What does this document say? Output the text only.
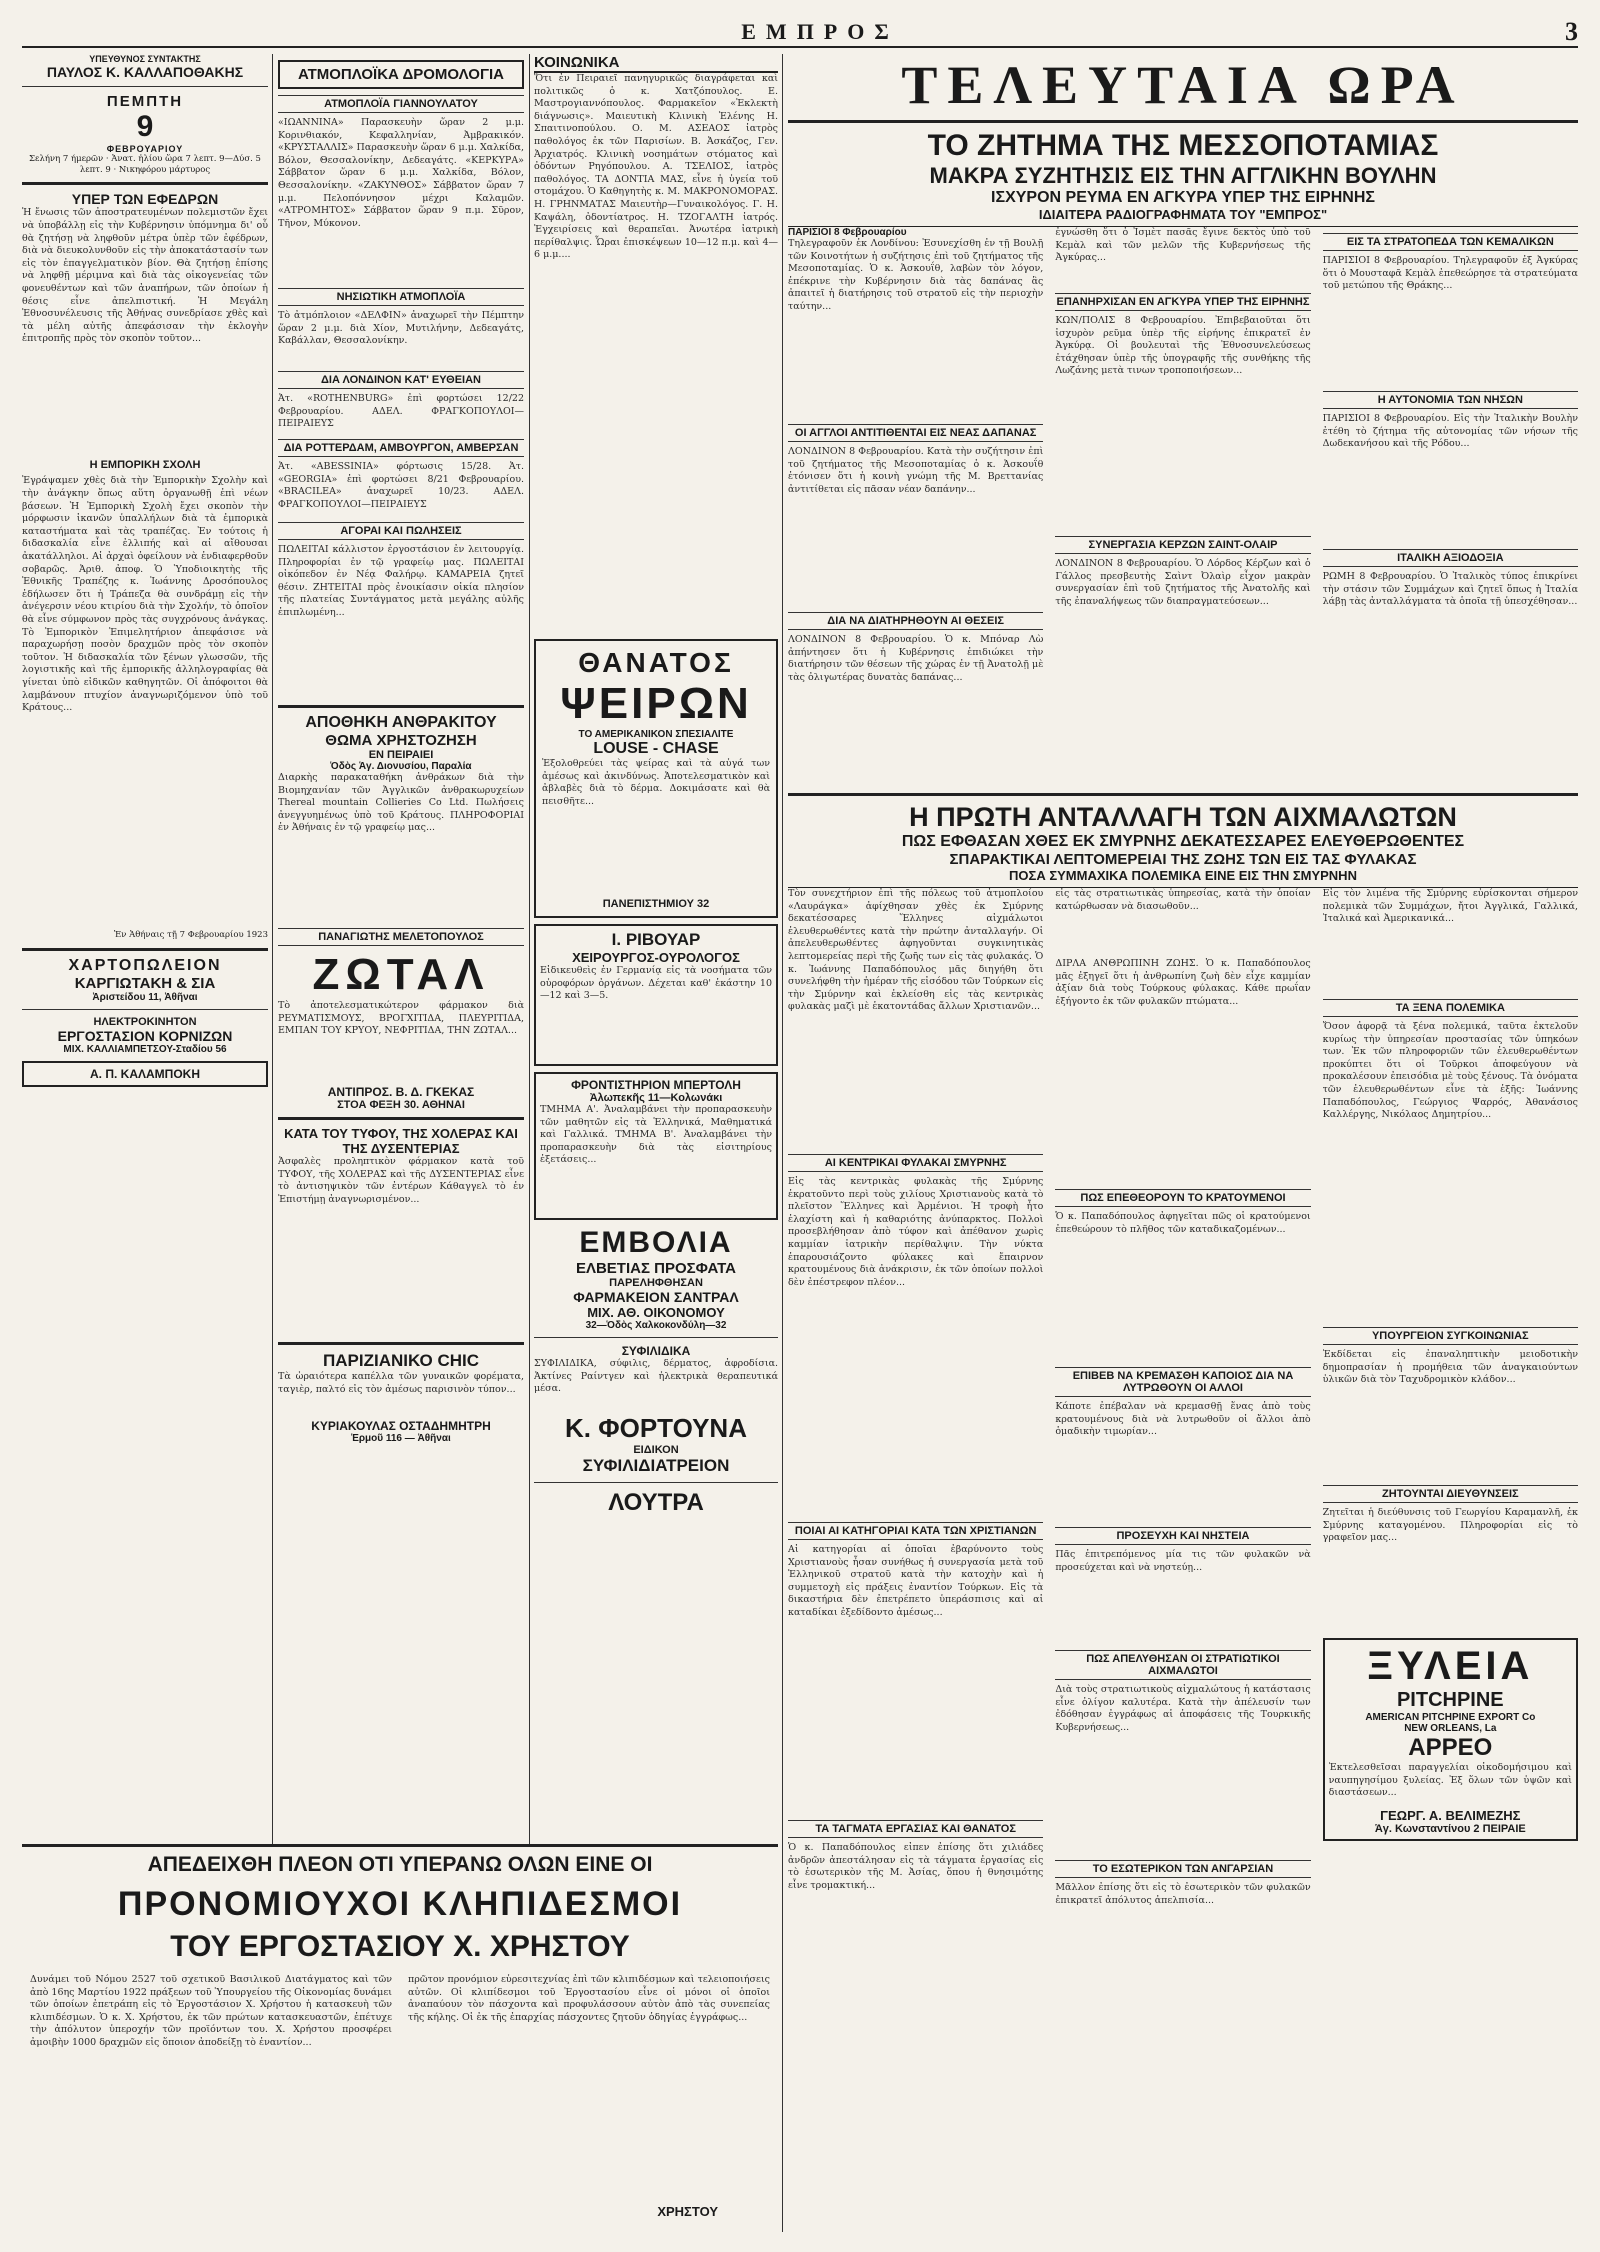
ΕΜΠΡΟΣ	3
ΥΠΕΥΘΥΝΟΣ ΣΥΝΤΑΚΤΗΣ
ΠΑΥΛΟΣ Κ. ΚΑΛΛΑΠΟΘΑΚΗΣ
ΠΕΜΠΤΗ
9
ΦΕΒΡΟΥΑΡΙΟΥ
Σελήνη 7 ήμερῶν · Ἀνατ. ἡλίου ὥρα 7 λεπτ. 9—Δύσ. 5 λεπτ. 9 · Νικηφόρου μάρτυρος
ΥΠΕΡ ΤΩΝ ΕΦΕΔΡΩΝ
Ἡ ἔνωσις τῶν ἀποστρατευμένων πολεμιστῶν ἔχει νὰ ὑποβάλλῃ εἰς τὴν Κυβέρνησιν ὑπόμνημα δι' οὗ θὰ ζητήσῃ νὰ ληφθοῦν μέτρα ὑπὲρ τῶν ἐφέδρων, διὰ νὰ διευκολυνθοῦν εἰς τὴν ἀποκατάστασίν των εἰς τὸν ἐπαγγελματικὸν βίον. Θὰ ζητήσῃ ἐπίσης νὰ ληφθῇ μέριμνα καὶ διὰ τὰς οἰκογενείας τῶν φονευθέντων καὶ τῶν ἀναπήρων, τῶν ὁποίων ἡ θέσις εἶνε ἀπελπιστική. Ἡ Μεγάλη Ἐθνοσυνέλευσις τῆς Ἀθήνας συνεδρίασε χθὲς καὶ τὰ μέλη αὐτῆς ἀπεφάσισαν τὴν ἐκλογὴν ἐπιτροπῆς πρὸς τὸν σκοπὸν τοῦτον...
Η ΕΜΠΟΡΙΚΗ ΣΧΟΛΗ
Ἐγράψαμεν χθὲς διὰ τὴν Ἐμπορικὴν Σχολὴν καὶ τὴν ἀνάγκην ὅπως αὕτη ὀργανωθῇ ἐπὶ νέων βάσεων. Ἡ Ἐμπορικὴ Σχολὴ ἔχει σκοπὸν τὴν μόρφωσιν ἱκανῶν ὑπαλλήλων διὰ τὰ ἐμπορικὰ καταστήματα καὶ τὰς τραπέζας. Ἐν τούτοις ἡ διδασκαλία εἶνε ἐλλιπής καὶ αἱ αἴθουσαι ἀκατάλληλοι. Αἱ ἀρχαὶ ὀφείλουν νὰ ἐνδιαφερθοῦν σοβαρῶς. Ἀριθ. ἀποφ. Ὁ Ὑποδιοικητὴς τῆς Ἐθνικῆς Τραπέζης κ. Ἰωάννης Δροσόπουλος ἐδήλωσεν ὅτι ἡ Τράπεζα θὰ συνδράμῃ εἰς τὴν ἀνέγερσιν νέου κτιρίου διὰ τὴν Σχολήν, τὸ ὁποῖον θὰ εἶνε σύμφωνον πρὸς τὰς συγχρόνους ἀνάγκας. Τὸ Ἐμπορικὸν Ἐπιμελητήριον ἀπεφάσισε νὰ παραχωρήσῃ ποσὸν δραχμῶν πρὸς τὸν σκοπὸν τοῦτον. Ἡ διδασκαλία τῶν ξένων γλωσσῶν, τῆς λογιστικῆς καὶ τῆς ἐμπορικῆς ἀλληλογραφίας θὰ γίνεται ὑπὸ εἰδικῶν καθηγητῶν. Οἱ ἀπόφοιτοι θὰ λαμβάνουν πτυχίον ἀναγνωριζόμενον ὑπὸ τοῦ Κράτους...
Ἐν Ἀθήναις τῇ 7 Φεβρουαρίου 1923
ΧΑΡΤΟΠΩΛΕΙΟΝ
ΚΑΡΓΙΩΤΑΚΗ & ΣΙΑ
Ἀριστείδου 11, Ἀθῆναι
ΗΛΕΚΤΡΟΚΙΝΗΤΟΝ
ΕΡΓΟΣΤΑΣΙΟΝ ΚΟΡΝΙΖΩΝ
ΜΙΧ. ΚΑΛΛΙΑΜΠΕΤΣΟΥ-Σταδίου 56
Α. Π. ΚΑΛΑΜΠΟΚΗ
ΑΤΜΟΠΛΟΪΚΑ ΔΡΟΜΟΛΟΓΙΑ
ΑΤΜΟΠΛΟΪΑ ΓΙΑΝΝΟΥΛΑΤΟΥ
«ΙΩΑΝΝΙΝΑ» Παρασκευὴν ὥραν 2 μ.μ. Κορινθιακόν, Κεφαλληνίαν, Ἀμβρακικόν. «ΚΡΥΣΤΑΛΛΙΣ» Παρασκευὴν ὥραν 6 μ.μ. Χαλκίδα, Βόλον, Θεσσαλονίκην, Δεδεαγάτς. «ΚΕΡΚΥΡΑ» Σάββατον ὥραν 6 μ.μ. Χαλκίδα, Βόλον, Θεσσαλονίκην. «ΖΑΚΥΝΘΟΣ» Σάββατον ὥραν 7 μ.μ. Πελοπόννησον μέχρι Καλαμῶν. «ΑΤΡΟΜΗΤΟΣ» Σάββατον ὥραν 9 π.μ. Σῦρον, Τῆνον, Μύκονον.
ΝΗΣΙΩΤΙΚΗ ΑΤΜΟΠΛΟΪΑ
Τὸ ἀτμόπλοιον «ΔΕΛΦΙΝ» ἀναχωρεῖ τὴν Πέμπτην ὥραν 2 μ.μ. διὰ Χίον, Μυτιλήνην, Δεδεαγάτς, Καβάλλαν, Θεσσαλονίκην.
ΔΙΑ ΛΟΝΔΙΝΟΝ ΚΑΤ' ΕΥΘΕΙΑΝ
Ἀτ. «ROTHENBURG» ἐπὶ φορτώσει 12/22 Φεβρουαρίου. ΑΔΕΛ. ΦΡΑΓΚΟΠΟΥΛΟΙ—ΠΕΙΡΑΙΕΥΣ
ΔΙΑ ΡΟΤΤΕΡΔΑΜ, ΑΜΒΟΥΡΓΟΝ, ΑΜΒΕΡΣΑΝ
Ἀτ. «ABESSINIA» φόρτωσις 15/28. Ἀτ. «GEORGIA» ἐπὶ φορτώσει 8/21 Φεβρουαρίου. «BRACILEA» ἀναχωρεῖ 10/23. ΑΔΕΛ. ΦΡΑΓΚΟΠΟΥΛΟΙ—ΠΕΙΡΑΙΕΥΣ
ΑΓΟΡΑΙ ΚΑΙ ΠΩΛΗΣΕΙΣ
ΠΩΛΕΙΤΑΙ κάλλιστον ἐργοστάσιον ἐν λειτουργίᾳ. Πληροφορίαι ἐν τῷ γραφείῳ μας. ΠΩΛΕΙΤΑΙ οἰκόπεδον ἐν Νέᾳ Φαλήρῳ. ΚΑΜΑΡΕΙΑ ζητεῖ θέσιν. ΖΗΤΕΙΤΑΙ πρὸς ἐνοικίασιν οἰκία πλησίον τῆς πλατείας Συντάγματος μετὰ μεγάλης αὐλῆς ἐπιπλωμένη...
ΑΠΟΘΗΚΗ ΑΝΘΡΑΚΙΤΟΥ
ΘΩΜΑ ΧΡΗΣΤΟΖΗΣΗ
ΕΝ ΠΕΙΡΑΙΕΙ
Ὁδὸς Ἁγ. Διονυσίου, Παραλία
Διαρκὴς παρακαταθήκη ἀνθράκων διὰ τὴν Βιομηχανίαν τῶν Ἀγγλικῶν ἀνθρακωρυχείων Thereal mountain Collieries Co Ltd. Πωλήσεις ἀνεγγυημένως ὑπὸ τοῦ Κράτους. ΠΛΗΡΟΦΟΡΙΑΙ ἐν Ἀθήναις ἐν τῷ γραφείῳ μας...
ΠΑΝΑΓΙΩΤΗΣ ΜΕΛΕΤΟΠΟΥΛΟΣ
ΖΩΤΑΛ
Τὸ ἀποτελεσματικώτερον φάρμακον διὰ ΡΕΥΜΑΤΙΣΜΟΥΣ, ΒΡΟΓΧΙΤΙΔΑ, ΠΛΕΥΡΙΤΙΔΑ, ΕΜΠΑΝ ΤΟΥ ΚΡΥΟΥ, ΝΕΦΡΙΤΙΔΑ, ΤΗΝ ΖΩΤΑΛ...
ΑΝΤΙΠΡΟΣ. Β. Δ. ΓΚΕΚΑΣ
ΣΤΟΑ ΦΕΞΗ 30. ΑΘΗΝΑΙ
ΚΑΤΑ ΤΟΥ ΤΥΦΟΥ, ΤΗΣ ΧΟΛΕΡΑΣ ΚΑΙ ΤΗΣ ΔΥΣΕΝΤΕΡΙΑΣ
Ἀσφαλὲς προληπτικὸν φάρμακον κατὰ τοῦ ΤΥΦΟΥ, τῆς ΧΟΛΕΡΑΣ καὶ τῆς ΔΥΣΕΝΤΕΡΙΑΣ εἶνε τὸ ἀντισηψικὸν τῶν ἐντέρων Κάθαγγελ τὸ ἐν Ἐπιστήμῃ ἀναγνωρισμένον...
ΠΑΡΙΖΙΑΝΙΚΟ CHIC
Τὰ ὡραιότερα καπέλλα τῶν γυναικῶν φορέματα, ταγιὲρ, παλτό εἰς τὸν ἀμέσως παρισινὸν τύπον...
ΚΥΡΙΑΚΟΥΛΑΣ ΟΣΤΑΔΗΜΗΤΡΗ
Ἑρμοῦ 116 — Ἀθῆναι
ΚΟΙΝΩΝΙΚΑ
Ὅτι ἐν Πειραιεῖ πανηγυρικῶς διαγράφεται καὶ πολιτικῶς ὁ κ. Χατζόπουλος. Ε. Μαστρογιαννόπουλος. Φαρμακεῖον «Ἐκλεκτὴ διάγνωσις». Μαιευτικὴ Κλινικὴ Ἑλένης Η. Σπαιτινοπούλου. Ο. Μ. ΑΣΕΑΟΣ ἰατρὸς παθολόγος ἐκ τῶν Παρισίων. Β. Ἀσκάζος, Γεν. Ἀρχιατρός. Κλινικὴ νοσημάτων στόματος καὶ ὀδόντων Ρηγόπουλου. Α. ΤΣΕΛΙΟΣ, ἰατρὸς παθολόγος. ΤΑ ΔΟΝΤΙΑ ΜΑΣ, εἶνε ἡ ὑγεία τοῦ στομάχου. Ὁ Καθηγητὴς κ. Μ. ΜΑΚΡΟΝΟΜΟΡΑΣ. Η. ΓΡΗΝΜΑΤΑΣ Μαιευτὴρ—Γυναικολόγος. Γ. Η. Καψάλη, ὀδοντίατρος. Η. ΤΖΟΓΑΛΤΗ ἰατρός. Ἐγχειρίσεις καὶ θεραπεῖαι. Ἀνωτέρα ἰατρικὴ περίθαλψις. Ὧραι ἐπισκέψεων 10—12 π.μ. καὶ 4—6 μ.μ....
ΘΑΝΑΤΟΣ
ΨΕΙΡΩΝ
ΤΟ ΑΜΕΡΙΚΑΝΙΚΟΝ ΣΠΕΣΙΑΛΙΤΕ
LOUSE - CHASE
Ἐξολοθρεύει τὰς ψείρας καὶ τὰ αὐγά των ἀμέσως καὶ ἀκινδύνως. Ἀποτελεσματικὸν καὶ ἀβλαβὲς διὰ τὸ δέρμα. Δοκιμάσατε καὶ θὰ πεισθῆτε...
ΠΑΝΕΠΙΣΤΗΜΙΟΥ 32
Ι. ΡΙΒΟΥΑΡ
ΧΕΙΡΟΥΡΓΟΣ-ΟΥΡΟΛΟΓΟΣ
Εἰδικευθεὶς ἐν Γερμανίᾳ εἰς τὰ νοσήματα τῶν οὐροφόρων ὀργάνων. Δέχεται καθ' ἑκάστην 10—12 καὶ 3—5.
ΦΡΟΝΤΙΣΤΗΡΙΟΝ ΜΠΕΡΤΟΛΗ
Ἀλωπεκῆς 11—Κολωνάκι
ΤΜΗΜΑ Α'. Ἀναλαμβάνει τὴν προπαρασκευὴν τῶν μαθητῶν εἰς τὰ Ἑλληνικά, Μαθηματικά καὶ Γαλλικά. ΤΜΗΜΑ Β'. Ἀναλαμβάνει τὴν προπαρασκευὴν διὰ τὰς εἰσιτηρίους ἐξετάσεις...
ΕΜΒΟΛΙΑ
ΕΛΒΕΤΙΑΣ ΠΡΟΣΦΑΤΑ
ΠΑΡΕΛΗΦΘΗΣΑΝ
ΦΑΡΜΑΚΕΙΟΝ ΣΑΝΤΡΑΛ
ΜΙΧ. ΑΘ. ΟΙΚΟΝΟΜΟΥ
32—Ὁδὸς Χαλκοκονδύλη—32
ΣΥΦΙΛΙΔΙΚΑ
ΣΥΦΙΛΙΔΙΚΑ, σύφιλις, δέρματος, ἀφροδίσια. Ἀκτίνες Ραίντγεν καὶ ἠλεκτρικὰ θεραπευτικά μέσα.
Κ. ΦΟΡΤΟΥΝΑ
ΕΙΔΙΚΟΝ
ΣΥΦΙΛΙΔΙΑΤΡΕΙΟΝ
ΛΟΥΤΡΑ
ΤΕΛΕΥΤΑΙΑ ΩΡΑ
ΤΟ ΖΗΤΗΜΑ ΤΗΣ ΜΕΣΣΟΠΟΤΑΜΙΑΣ
ΜΑΚΡΑ ΣΥΖΗΤΗΣΙΣ ΕΙΣ ΤΗΝ ΑΓΓΛΙΚΗΝ ΒΟΥΛΗΝ
ΙΣΧΥΡΟΝ ΡΕΥΜΑ ΕΝ ΑΓΚΥΡΑ ΥΠΕΡ ΤΗΣ ΕΙΡΗΝΗΣ
ΙΔΙΑΙΤΕΡΑ ΡΑΔΙΟΓΡΑΦΗΜΑΤΑ ΤΟΥ "ΕΜΠΡΟΣ"
ΠΑΡΙΣΙΟΙ 8 Φεβρουαρίου
Τηλεγραφοῦν ἐκ Λονδίνου: Ἐσυνεχίσθη ἐν τῇ Βουλῇ τῶν Κοινοτήτων ἡ συζήτησις ἐπὶ τοῦ ζητήματος τῆς Μεσοποταμίας. Ὁ κ. Ἀσκουΐθ, λαβὼν τὸν λόγον, ἐπέκρινε τὴν Κυβέρνησιν διὰ τὰς δαπάνας ἃς ἀπαιτεῖ ἡ διατήρησις τοῦ στρατοῦ εἰς τὴν περιοχὴν ταύτην...
ΟΙ ΑΓΓΛΟΙ ΑΝΤΙΤΙΘΕΝΤΑΙ ΕΙΣ ΝΕΑΣ ΔΑΠΑΝΑΣ
ΛΟΝΔΙΝΟΝ 8 Φεβρουαρίου. Κατὰ τὴν συζήτησιν ἐπὶ τοῦ ζητήματος τῆς Μεσοποταμίας ὁ κ. Ἀσκουΐθ ἐτόνισεν ὅτι ἡ κοινὴ γνώμη τῆς Μ. Βρεττανίας ἀντιτίθεται εἰς πᾶσαν νέαν δαπάνην...
ΔΙΑ ΝΑ ΔΙΑΤΗΡΗΘΟΥΝ ΑΙ ΘΕΣΕΙΣ
ΛΟΝΔΙΝΟΝ 8 Φεβρουαρίου. Ὁ κ. Μπόναρ Λὼ ἀπήντησεν ὅτι ἡ Κυβέρνησις ἐπιδιώκει τὴν διατήρησιν τῶν θέσεων τῆς χώρας ἐν τῇ Ἀνατολῇ μὲ τὰς ὀλιγωτέρας δυνατὰς δαπάνας...
ἐγνώσθη ὅτι ὁ Ἰσμὲτ πασᾶς ἔγινε δεκτὸς ὑπὸ τοῦ Κεμὰλ καὶ τῶν μελῶν τῆς Κυβερνήσεως τῆς Ἀγκύρας...
ΕΠΑΝΗΡΧΙΣΑΝ ΕΝ ΑΓΚΥΡΑ ΥΠΕΡ ΤΗΣ ΕΙΡΗΝΗΣ
ΚΩΝ/ΠΟΛΙΣ 8 Φεβρουαρίου. Ἐπιβεβαιοῦται ὅτι ἰσχυρὸν ρεῦμα ὑπὲρ τῆς εἰρήνης ἐπικρατεῖ ἐν Ἀγκύρᾳ. Οἱ βουλευταὶ τῆς Ἐθνοσυνελεύσεως ἐτάχθησαν ὑπὲρ τῆς ὑπογραφῆς τῆς συνθήκης τῆς Λωζάνης μετὰ τινων τροποποιήσεων...
ΣΥΝΕΡΓΑΣΙΑ ΚΕΡΖΩΝ ΣΑΙΝΤ-ΟΛΑΙΡ
ΛΟΝΔΙΝΟΝ 8 Φεβρουαρίου. Ὁ Λόρδος Κέρζων καὶ ὁ Γάλλος πρεσβευτὴς Σαὶντ Ὀλαὶρ εἶχον μακρὰν συνεργασίαν ἐπὶ τοῦ ζητήματος τῆς Ἀνατολῆς καὶ τῆς ἐπαναλήψεως τῶν διαπραγματεύσεων...
ΕΙΣ ΤΑ ΣΤΡΑΤΟΠΕΔΑ ΤΩΝ ΚΕΜΑΛΙΚΩΝ
ΠΑΡΙΣΙΟΙ 8 Φεβρουαρίου. Τηλεγραφοῦν ἐξ Ἀγκύρας ὅτι ὁ Μουσταφᾶ Κεμὰλ ἐπεθεώρησε τὰ στρατεύματα τοῦ μετώπου τῆς Θράκης...
Η ΑΥΤΟΝΟΜΙΑ ΤΩΝ ΝΗΣΩΝ
ΠΑΡΙΣΙΟΙ 8 Φεβρουαρίου. Εἰς τὴν Ἰταλικὴν Βουλὴν ἐτέθη τὸ ζήτημα τῆς αὐτονομίας τῶν νήσων τῆς Δωδεκανήσου καὶ τῆς Ρόδου...
ΙΤΑΛΙΚΗ ΑΞΙΟΔΟΞΙΑ
ΡΩΜΗ 8 Φεβρουαρίου. Ὁ Ἰταλικὸς τύπος ἐπικρίνει τὴν στάσιν τῶν Συμμάχων καὶ ζητεῖ ὅπως ἡ Ἰταλία λάβῃ τὰς ἀνταλλάγματα τὰ ὁποῖα τῇ ὑπεσχέθησαν...
Η ΠΡΩΤΗ ΑΝΤΑΛΛΑΓΗ ΤΩΝ ΑΙΧΜΑΛΩΤΩΝ
ΠΩΣ ΕΦΘΑΣΑΝ ΧΘΕΣ ΕΚ ΣΜΥΡΝΗΣ ΔΕΚΑΤΕΣΣΑΡΕΣ ΕΛΕΥΘΕΡΩΘΕΝΤΕΣ
ΣΠΑΡΑΚΤΙΚΑΙ ΛΕΠΤΟΜΕΡΕΙΑΙ ΤΗΣ ΖΩΗΣ ΤΩΝ ΕΙΣ ΤΑΣ ΦΥΛΑΚΑΣ
ΠΟΣΑ ΣΥΜΜΑΧΙΚΑ ΠΟΛΕΜΙΚΑ ΕΙΝΕ ΕΙΣ ΤΗΝ ΣΜΥΡΝΗΝ
Τὸν συνεχτήριον ἐπὶ τῆς πόλεως τοῦ ἀτμοπλοίου «Λαυράγκα» ἀφίχθησαν χθὲς ἐκ Σμύρνης δεκατέσσαρες Ἕλληνες αἰχμάλωτοι ἐλευθερωθέντες κατὰ τὴν πρώτην ἀνταλλαγήν. Οἱ ἀπελευθερωθέντες ἀφηγοῦνται συγκινητικὰς λεπτομερείας περὶ τῆς ζωῆς των εἰς τὰς φυλακάς. Ὁ κ. Ἰωάννης Παπαδόπουλος μᾶς διηγήθη ὅτι συνελήφθη τὴν ἡμέραν τῆς εἰσόδου τῶν Τούρκων εἰς τὴν Σμύρνην καὶ ἐκλείσθη εἰς τὰς κεντρικὰς φυλακὰς μαζὶ μὲ ἑκατοντάδας ἄλλων Χριστιανῶν...
ΑΙ ΚΕΝΤΡΙΚΑΙ ΦΥΛΑΚΑΙ ΣΜΥΡΝΗΣ
Εἰς τὰς κεντρικὰς φυλακὰς τῆς Σμύρνης ἐκρατοῦντο περὶ τοὺς χιλίους Χριστιανοὺς κατὰ τὸ πλεῖστον Ἕλληνες καὶ Ἀρμένιοι. Ἡ τροφὴ ἦτο ἐλαχίστη καὶ ἡ καθαριότης ἀνύπαρκτος. Πολλοὶ προσεβλήθησαν ἀπὸ τύφον καὶ ἀπέθανον χωρὶς καμμίαν ἰατρικὴν περίθαλψιν. Τὴν νύκτα ἐπαρουσιάζοντο φύλακες καὶ ἔπαιρνον κρατουμένους διὰ ἀνάκρισιν, ἐκ τῶν ὁποίων πολλοὶ δὲν ἐπέστρεφον πλέον...
ΠΟΙΑΙ ΑΙ ΚΑΤΗΓΟΡΙΑΙ ΚΑΤΑ ΤΩΝ ΧΡΙΣΤΙΑΝΩΝ
Αἱ κατηγορίαι αἱ ὁποῖαι ἐβαρύνοντο τοὺς Χριστιανοὺς ἦσαν συνήθως ἡ συνεργασία μετὰ τοῦ Ἑλληνικοῦ στρατοῦ κατὰ τὴν κατοχὴν καὶ ἡ συμμετοχὴ εἰς πράξεις ἐναντίον Τούρκων. Εἰς τὰ δικαστήρια δὲν ἐπετρέπετο ὑπεράσπισις καὶ αἱ καταδίκαι ἐξεδίδοντο ἀμέσως...
ΤΑ ΤΑΓΜΑΤΑ ΕΡΓΑΣΙΑΣ ΚΑΙ ΘΑΝΑΤΟΣ
Ὁ κ. Παπαδόπουλος εἶπεν ἐπίσης ὅτι χιλιάδες ἀνδρῶν ἀπεστάλησαν εἰς τὰ τάγματα ἐργασίας εἰς τὸ ἐσωτερικὸν τῆς Μ. Ἀσίας, ὅπου ἡ θνησιμότης εἶνε τρομακτική...
εἰς τὰς στρατιωτικὰς ὑπηρεσίας, κατὰ τὴν ὁποίαν κατώρθωσαν νὰ διασωθοῦν...
ΔΙΡΛΑ ΑΝΘΡΩΠΙΝΗ ΖΩΗΣ. Ὁ κ. Παπαδόπουλος μᾶς ἐξηγεῖ ὅτι ἡ ἀνθρωπίνη ζωὴ δὲν εἶχε καμμίαν ἀξίαν διὰ τοὺς Τούρκους φύλακας. Κάθε πρωΐαν ἐξήγοντο ἐκ τῶν φυλακῶν πτώματα...
ΠΩΣ ΕΠΕΘΕΟΡΟΥΝ ΤΟ ΚΡΑΤΟΥΜΕΝΟΙ
Ὁ κ. Παπαδόπουλος ἀφηγεῖται πῶς οἱ κρατούμενοι ἐπεθεώρουν τὸ πλῆθος τῶν καταδικαζομένων...
ΕΠΙΒΕΒ ΝΑ ΚΡΕΜΑΣΘΗ ΚΑΠΟΙΟΣ ΔΙΑ ΝΑ ΛΥΤΡΩΘΟΥΝ ΟΙ ΑΛΛΟΙ
Κάποτε ἐπέβαλαν νὰ κρεμασθῇ ἕνας ἀπὸ τοὺς κρατουμένους διὰ νὰ λυτρωθοῦν οἱ ἄλλοι ἀπὸ ὁμαδικὴν τιμωρίαν...
ΠΡΟΣΕΥΧΗ ΚΑΙ ΝΗΣΤΕΙΑ
Πᾶς ἐπιτρεπόμενος μία τις τῶν φυλακῶν νὰ προσεύχεται καὶ νὰ νηστεύῃ...
ΠΩΣ ΑΠΕΛΥΘΗΣΑΝ ΟΙ ΣΤΡΑΤΙΩΤΙΚΟΙ ΑΙΧΜΑΛΩΤΟΙ
Διὰ τοὺς στρατιωτικοὺς αἰχμαλώτους ἡ κατάστασις εἶνε ὀλίγον καλυτέρα. Κατὰ τὴν ἀπέλευσίν των ἐδόθησαν ἐγγράφως αἱ ἀποφάσεις τῆς Τουρκικῆς Κυβερνήσεως...
ΤΟ ΕΣΩΤΕΡΙΚΟΝ ΤΩΝ ΑΝΓΑΡΣΙΑΝ
Μᾶλλον ἐπίσης ὅτι εἰς τὸ ἐσωτερικὸν τῶν φυλακῶν ἐπικρατεῖ ἀπόλυτος ἀπελπισία...
Εἰς τὸν λιμένα τῆς Σμύρνης εὑρίσκονται σήμερον πολεμικὰ τῶν Συμμάχων, ἤτοι Ἀγγλικά, Γαλλικά, Ἰταλικά καὶ Ἀμερικανικά...
ΤΑ ΞΕΝΑ ΠΟΛΕΜΙΚΑ
Ὅσον ἀφορᾷ τὰ ξένα πολεμικά, ταῦτα ἐκτελοῦν κυρίως τὴν ὑπηρεσίαν προστασίας τῶν ὑπηκόων των. Ἐκ τῶν πληροφοριῶν τῶν ἐλευθερωθέντων προκύπτει ὅτι οἱ Τοῦρκοι ἀποφεύγουν νὰ προκαλέσουν ἐπεισόδια μὲ τοὺς ξένους. Τὰ ὀνόματα τῶν ἐλευθερωθέντων εἶνε τὰ ἑξῆς: Ἰωάννης Παπαδόπουλος, Γεώργιος Ψαρρός, Ἀθανάσιος Καλλέργης, Νικόλαος Δημητρίου...
ΥΠΟΥΡΓΕΙΟΝ ΣΥΓΚΟΙΝΩΝΙΑΣ
Ἐκδίδεται εἰς ἐπαναληπτικὴν μειοδοτικὴν δημοπρασίαν ἡ προμήθεια τῶν ἀναγκαιούντων ὑλικῶν διὰ τὸν Ταχυδρομικὸν κλάδον...
ΖΗΤΟΥΝΤΑΙ ΔΙΕΥΘΥΝΣΕΙΣ
Ζητεῖται ἡ διεύθυνσις τοῦ Γεωργίου Καραμανλῆ, ἐκ Σμύρνης καταγομένου. Πληροφορίαι εἰς τὸ γραφεῖον μας...
ΞΥΛΕΙΑ
PITCHPINE
AMERICAN PITCHPINE EXPORT Co
NEW ORLEANS, La
ΑΡΡΕΟ
Ἐκτελεσθεῖσαι παραγγελίαι οἰκοδομήσιμου καὶ ναυπηγησίμου ξυλείας. Ἐξ ὅλων τῶν ὑψῶν καὶ διαστάσεων...
ΓΕΩΡΓ. Α. ΒΕΛΙΜΕΖΗΣ
Ἁγ. Κωνσταντίνου 2 ΠΕΙΡΑΙΕ
ΑΠΕΔΕΙΧΘΗ ΠΛΕΟΝ ΟΤΙ ΥΠΕΡΑΝΩ ΟΛΩΝ ΕΙΝΕ ΟΙ
ΠΡΟΝΟΜΙΟΥΧΟΙ ΚΛΗΠΙΔΕΣΜΟΙ
ΤΟΥ ΕΡΓΟΣΤΑΣΙΟΥ Χ. ΧΡΗΣΤΟΥ
Δυνάμει τοῦ Νόμου 2527 τοῦ σχετικοῦ Βασιλικοῦ Διατάγματος καὶ τῶν ἀπὸ 16ης Μαρτίου 1922 πράξεων τοῦ Ὑπουργείου τῆς Οἰκονομίας δυνάμει τῶν ὁποίων ἐπετράπη εἰς τὸ Ἐργοστάσιον Χ. Χρήστου ἡ κατασκευὴ τῶν κλιπιδέσμων. Ὁ κ. Χ. Χρήστου, ἐκ τῶν πρώτων κατασκευαστῶν, ἐπέτυχε τὴν ἀπόλυτον ὑπεροχήν τῶν προϊόντων του. Χ. Χρήστου προσφέρει ἀμοιβὴν 1000 δραχμῶν εἰς ὅποιον ἀποδείξῃ τὸ ἐναντίον...
πρῶτον προνόμιον εὑρεσιτεχνίας ἐπὶ τῶν κλιπιδέσμων καὶ τελειοποιήσεις αὐτῶν. Οἱ κλιπίδεσμοι τοῦ Ἐργοστασίου εἶνε οἱ μόνοι οἱ ὁποῖοι ἀναπαύουν τὸν πάσχοντα καὶ προφυλάσσουν αὐτὸν ἀπὸ τὰς συνεπείας τῆς κήλης. Οἱ ἐκ τῆς ἐπαρχίας πάσχοντες ζητοῦν ὁδηγίας ἐγγράφως...
ΧΡΗΣΤΟΥ
